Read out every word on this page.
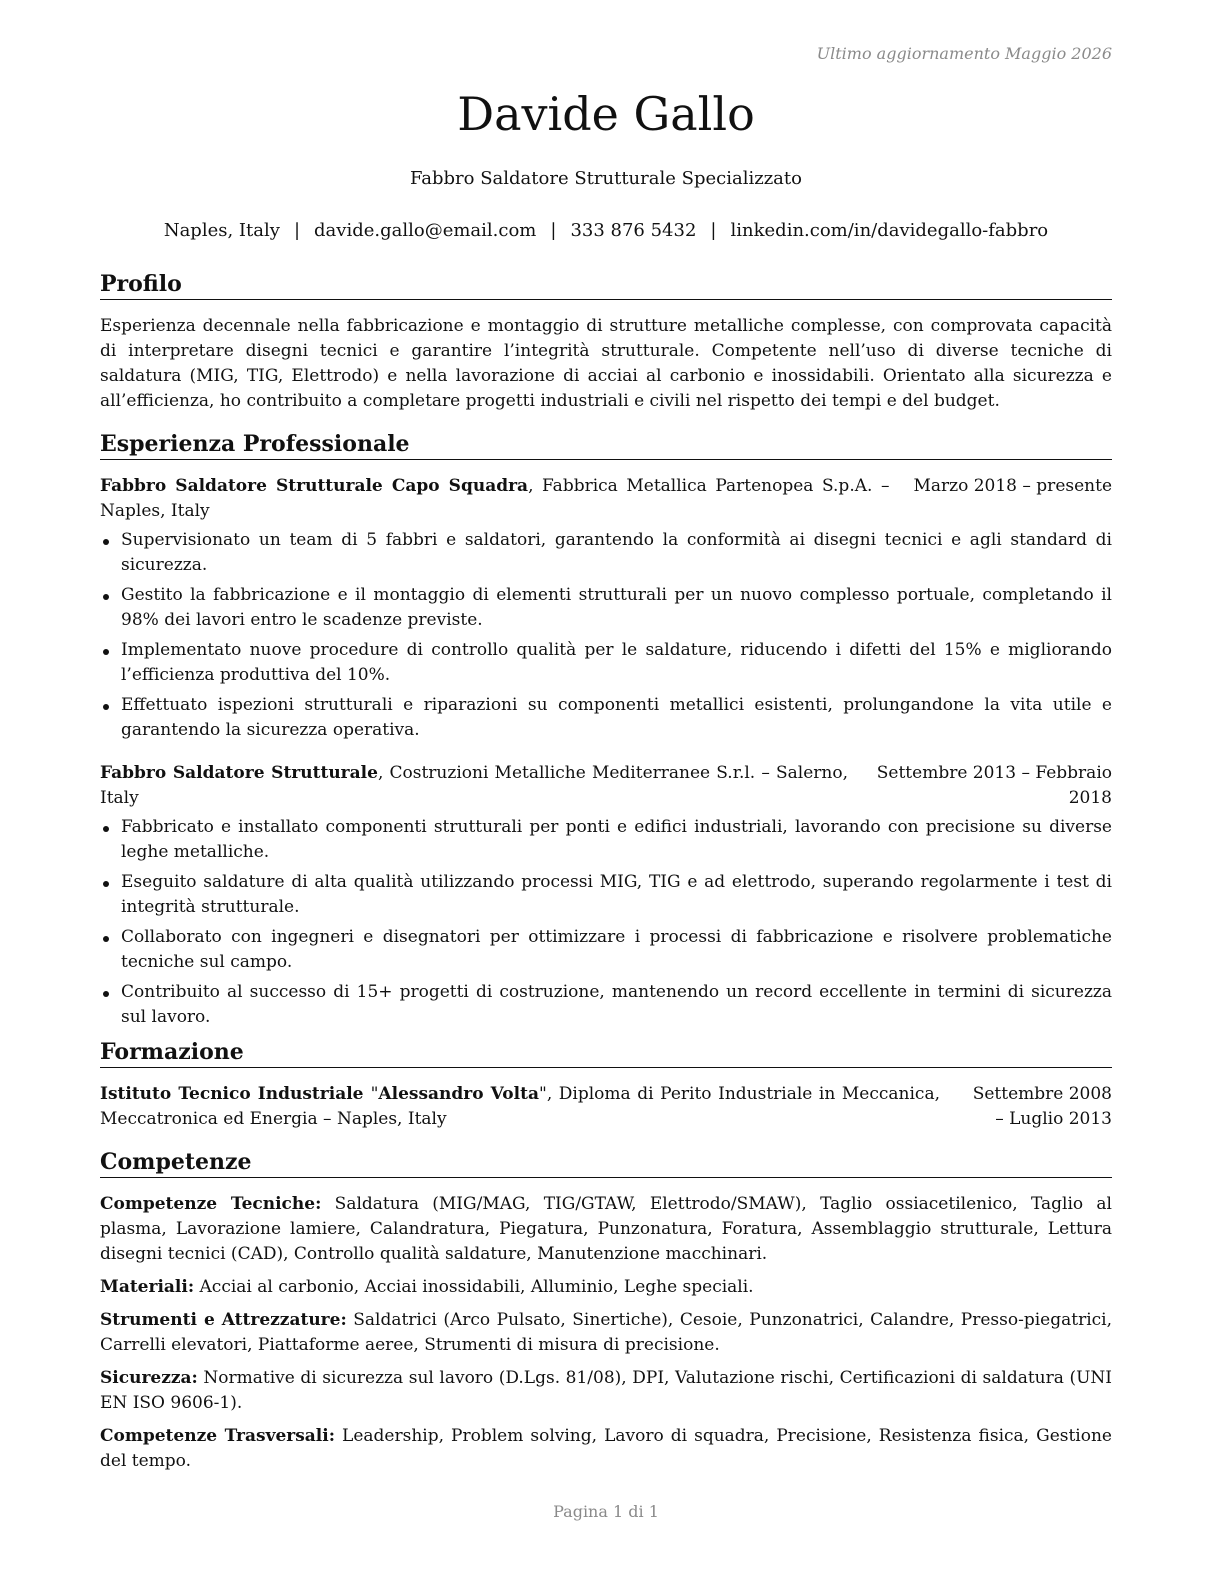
Ultimo aggiornamento Maggio 2026
Davide Gallo
Fabbro Saldatore Strutturale Specializzato
Naples, Italy | davide.gallo@email.com | 333 876 5432 | linkedin.com/in/davidegallo-fabbro
Profilo

Esperienza decennale nella fabbricazione e montaggio di strutture metalliche complesse, con comprovata capacità di interpretare disegni tecnici e garantire l’integrità strutturale. Competente nell’uso di diverse tecniche di saldatura (MIG, TIG, Elettrodo) e nella lavorazione di acciai al carbonio e inossidabili. Orientato alla sicurezza e all’efficienza, ho contribuito a completare progetti industriali e civili nel rispetto dei tempi e del budget.

Esperienza Professionale
Fabbro Saldatore Strutturale Capo Squadra, Fabbrica Metallica Partenopea S.p.A. – Naples, Italy
Marzo 2018 – presente
Supervisionato un team di 5 fabbri e saldatori, garantendo la conformità ai disegni tecnici e agli standard di sicurezza.
Gestito la fabbricazione e il montaggio di elementi strutturali per un nuovo complesso portuale, completando il 98% dei lavori entro le scadenze previste.
Implementato nuove procedure di controllo qualità per le saldature, riducendo i difetti del 15% e migliorando l’efficienza produttiva del 10%.
Effettuato ispezioni strutturali e riparazioni su componenti metallici esistenti, prolungandone la vita utile e garantendo la sicurezza operativa.
Fabbro Saldatore Strutturale, Costruzioni Metalliche Mediterranee S.r.l. – Salerno, Italy
Settembre 2013 – Febbraio 2018
Fabbricato e installato componenti strutturali per ponti e edifici industriali, lavorando con precisione su diverse leghe metalliche.
Eseguito saldature di alta qualità utilizzando processi MIG, TIG e ad elettrodo, superando regolarmente i test di integrità strutturale.
Collaborato con ingegneri e disegnatori per ottimizzare i processi di fabbricazione e risolvere problematiche tecniche sul campo.
Contribuito al successo di 15+ progetti di costruzione, mantenendo un record eccellente in termini di sicurezza sul lavoro.
Formazione
Istituto Tecnico Industriale "Alessandro Volta", Diploma di Perito Industriale in Meccanica, Meccatronica ed Energia – Naples, Italy
Settembre 2008 – Luglio 2013
Competenze

Competenze Tecniche: Saldatura (MIG/MAG, TIG/GTAW, Elettrodo/SMAW), Taglio ossiacetilenico, Taglio al plasma, Lavorazione lamiere, Calandratura, Piegatura, Punzonatura, Foratura, Assemblaggio strutturale, Lettura disegni tecnici (CAD), Controllo qualità saldature, Manutenzione macchinari.

Materiali: Acciai al carbonio, Acciai inossidabili, Alluminio, Leghe speciali.

Strumenti e Attrezzature: Saldatrici (Arco Pulsato, Sinertiche), Cesoie, Punzonatrici, Calandre, Presso-piegatrici, Carrelli elevatori, Piattaforme aeree, Strumenti di misura di precisione.

Sicurezza: Normative di sicurezza sul lavoro (D.Lgs. 81/08), DPI, Valutazione rischi, Certificazioni di saldatura (UNI EN ISO 9606-1).

Competenze Trasversali: Leadership, Problem solving, Lavoro di squadra, Precisione, Resistenza fisica, Gestione del tempo.

Pagina 1 di 1
